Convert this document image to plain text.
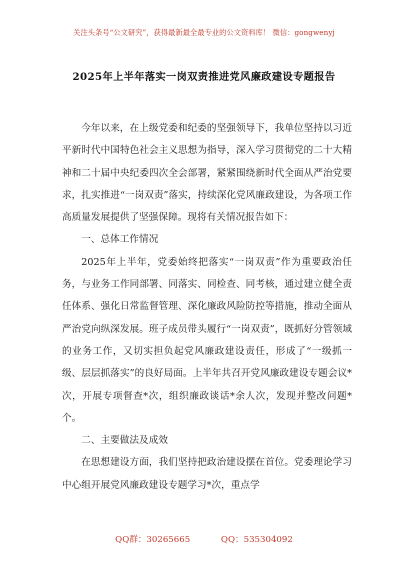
关注头条号“公文研究”，获得最新最全最专业的公文资料库！ 微信：gongwenyj
2025年上半年落实一岗双责推进党风廉政建设专题报告

今年以来，在上级党委和纪委的坚强领导下，我单位坚持以习近平新时代中国特色社会主义思想为指导，深入学习贯彻党的二十大精神和二十届中央纪委四次全会部署，紧紧围绕新时代全面从严治党要求，扎实推进“一岗双责”落实，持续深化党风廉政建设，为各项工作高质量发展提供了坚强保障。现将有关情况报告如下：

一、总体工作情况

2025年上半年，党委始终把落实“一岗双责”作为重要政治任务，与业务工作同部署、同落实、同检查、同考核，通过建立健全责任体系、强化日常监督管理、深化廉政风险防控等措施，推动全面从严治党向纵深发展。班子成员带头履行“一岗双责”，既抓好分管领域的业务工作，又切实担负起党风廉政建设责任，形成了“一级抓一级、层层抓落实”的良好局面。上半年共召开党风廉政建设专题会议*次，开展专项督查*次，组织廉政谈话*余人次，发现并整改问题*个。

二、主要做法及成效

在思想建设方面，我们坚持把政治建设摆在首位。党委理论学习中心组开展党风廉政建设专题学习*次，重点学

QQ群：30265665	QQ：535304092
